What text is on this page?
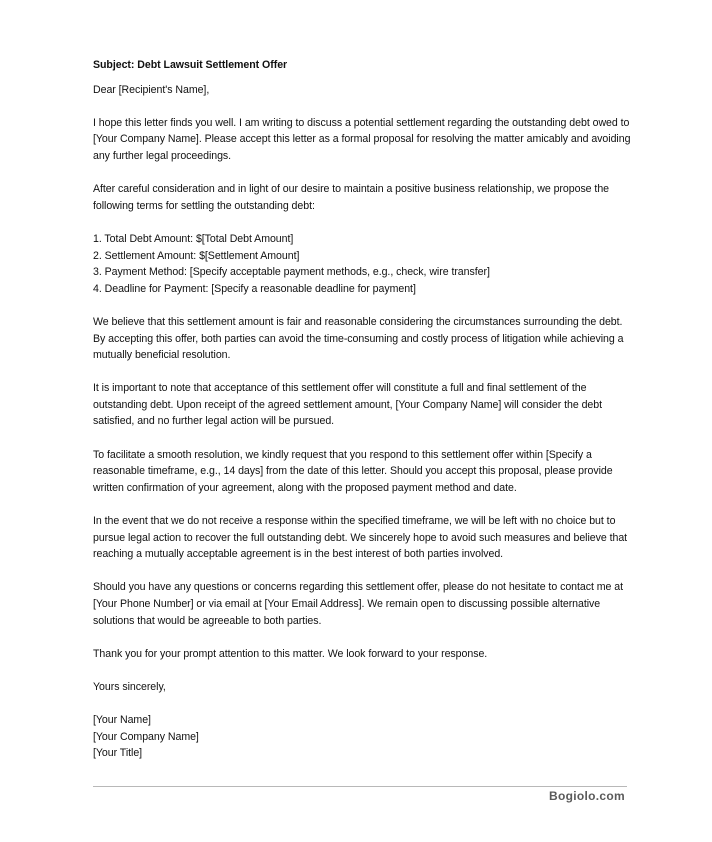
Subject: Debt Lawsuit Settlement Offer

Dear [Recipient's Name],

I hope this letter finds you well. I am writing to discuss a potential settlement regarding the outstanding debt owed to [Your Company Name]. Please accept this letter as a formal proposal for resolving the matter amicably and avoiding any further legal proceedings.

After careful consideration and in light of our desire to maintain a positive business relationship, we propose the following terms for settling the outstanding debt:

1. Total Debt Amount: $[Total Debt Amount]
2. Settlement Amount: $[Settlement Amount]
3. Payment Method: [Specify acceptable payment methods, e.g., check, wire transfer]
4. Deadline for Payment: [Specify a reasonable deadline for payment]

We believe that this settlement amount is fair and reasonable considering the circumstances surrounding the debt. By accepting this offer, both parties can avoid the time-consuming and costly process of litigation while achieving a mutually beneficial resolution.

It is important to note that acceptance of this settlement offer will constitute a full and final settlement of the outstanding debt. Upon receipt of the agreed settlement amount, [Your Company Name] will consider the debt satisfied, and no further legal action will be pursued.

To facilitate a smooth resolution, we kindly request that you respond to this settlement offer within [Specify a reasonable timeframe, e.g., 14 days] from the date of this letter. Should you accept this proposal, please provide written confirmation of your agreement, along with the proposed payment method and date.

In the event that we do not receive a response within the specified timeframe, we will be left with no choice but to pursue legal action to recover the full outstanding debt. We sincerely hope to avoid such measures and believe that reaching a mutually acceptable agreement is in the best interest of both parties involved.

Should you have any questions or concerns regarding this settlement offer, please do not hesitate to contact me at [Your Phone Number] or via email at [Your Email Address]. We remain open to discussing possible alternative solutions that would be agreeable to both parties.

Thank you for your prompt attention to this matter. We look forward to your response.

Yours sincerely,
[Your Name]
[Your Company Name]
[Your Title]
Bogiolo.com
